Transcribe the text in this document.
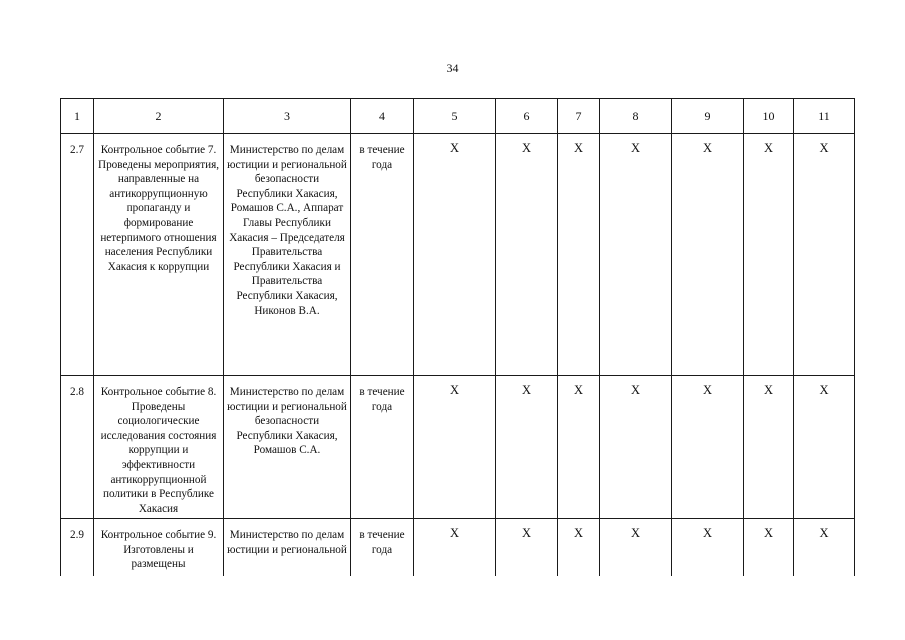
34
1	2	3	4	5	6	7	8	9	10	11
2.7	Контрольное событие 7. Проведены мероприятия, направленные на антикоррупционную пропаганду и формирование нетерпимого отношения населения Республики Хакасия к коррупции	Министерство по делам юстиции и региональной безопасности Республики Хакасия, Ромашов С.А., Аппарат Главы Республики Хакасия – Председателя Правительства Республики Хакасия и Правительства Республики Хакасия, Никонов В.А.	в течение года	Х	Х	Х	Х	Х	Х	Х
2.8	Контрольное событие 8. Проведены социологические исследования состояния коррупции и эффективности антикоррупционной политики в Республике Хакасия	Министерство по делам юстиции и региональной безопасности Республики Хакасия, Ромашов С.А.	в течение года	Х	Х	Х	Х	Х	Х	Х
2.9	Контрольное событие 9. Изготовлены и размещены	Министерство по делам юстиции и региональной	в течение года	Х	Х	Х	Х	Х	Х	Х
